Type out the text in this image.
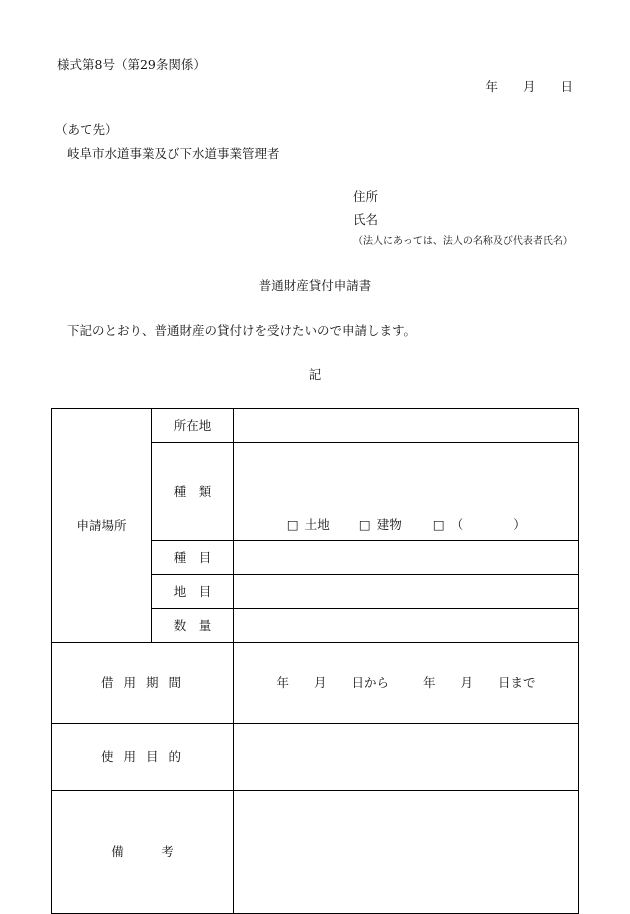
様式第8号（第29条関係）
年　　月　　日
（あて先）
岐阜市水道事業及び下水道事業管理者
住所
氏名
（法人にあっては、法人の名称及び代表者氏名）
普通財産貸付申請書
下記のとおり、普通財産の貸付けを受けたいので申請します。
記
申請場所	所在地	
	種　類	□ 土地

□ 建物

□ （　　　　）

	種　目	
	地　目	
	数　量	
借 用 期 間		年　　月　　日から 年　　月　　日まで

使 用 目 的		
備　　　考		
